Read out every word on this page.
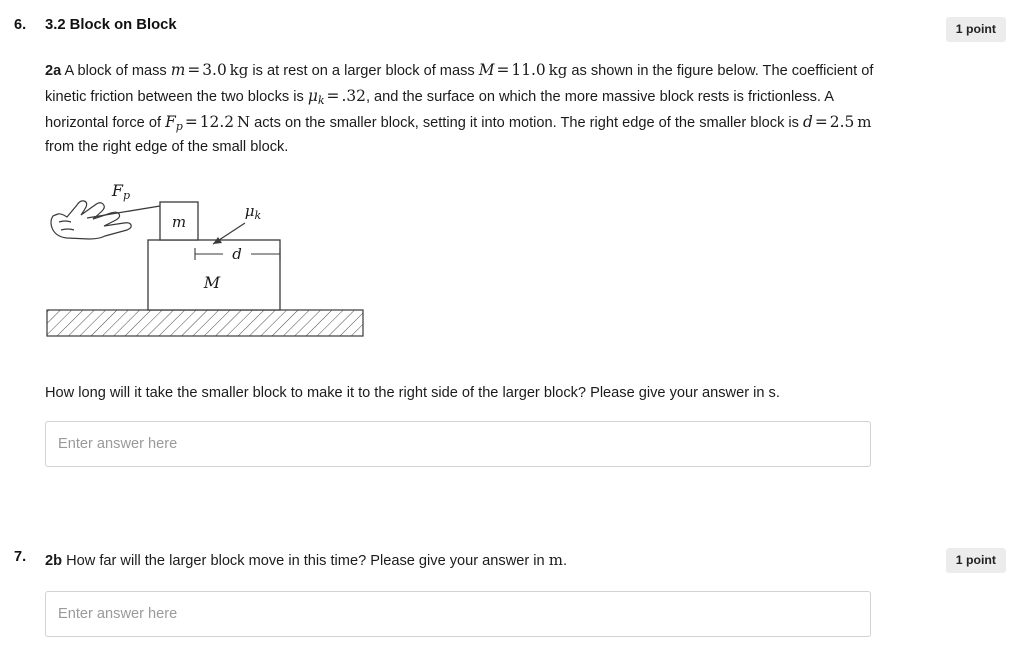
6. 3.2 Block on Block	1 point
2a A block of mass m = 3.0  kg is at rest on a larger block of mass M = 11.0  kg as shown in the figure below. The coefficient of kinetic friction between the two blocks is $\mu_k = .32$, and the surface on which the more massive block rests is frictionless. A horizontal force of $F_p = 12.2$  N acts on the smaller block, setting it into motion. The right edge of the smaller block is d = 2.5  m from the right edge of the small block.
M
m
Fp
$\mu_k$
d
How long will it take the smaller block to make it to the right side of the larger block? Please give your answer in s.
Enter answer here
7. 2b How far will the larger block move in this time? Please give your answer in m.	1 point
Enter answer here
